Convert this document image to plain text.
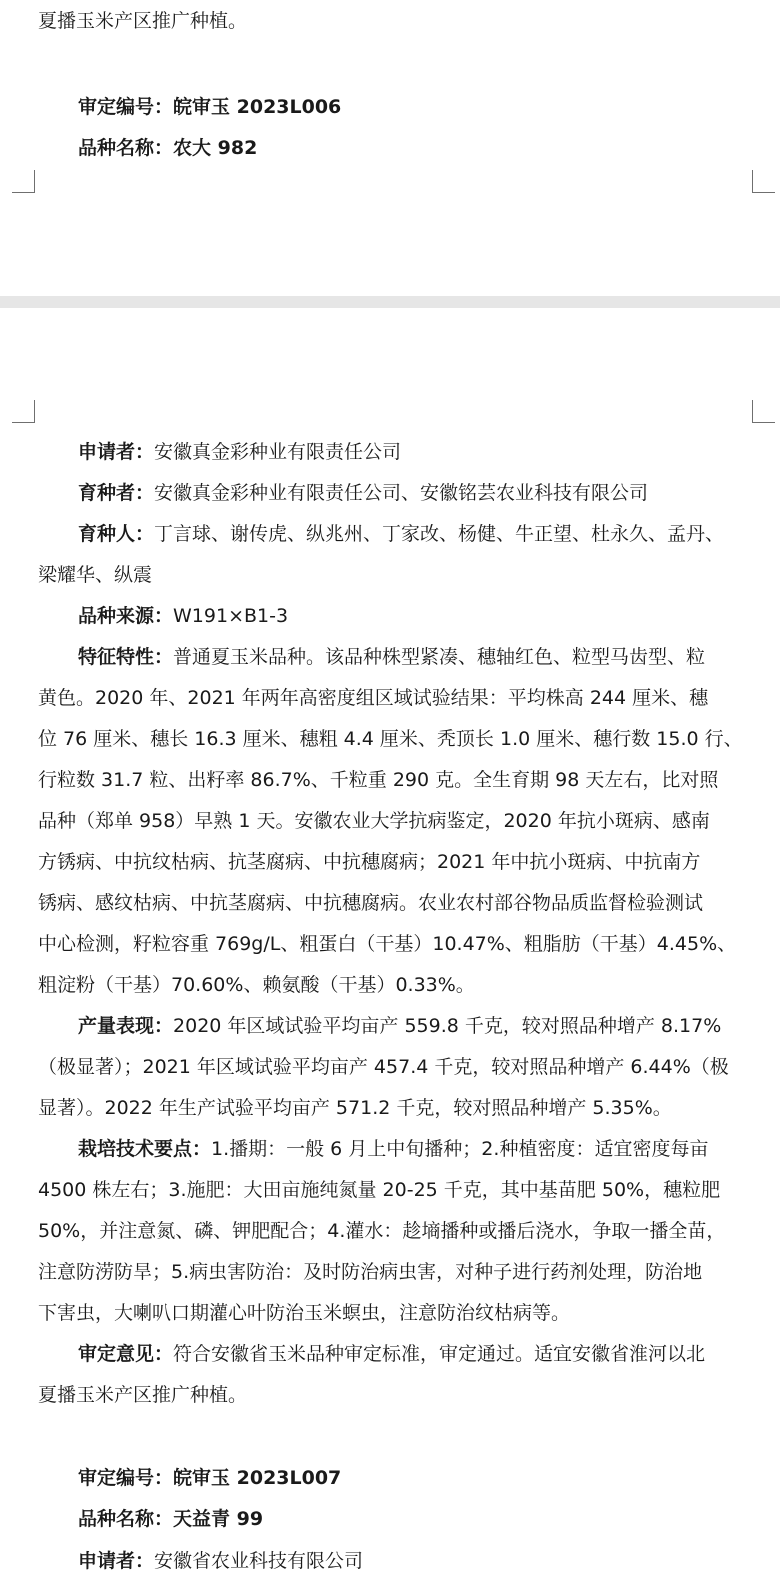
夏播玉米产区推广种植。
审定编号：皖审玉 2023L006
品种名称：农大 982
申请者：安徽真金彩种业有限责任公司
育种者：安徽真金彩种业有限责任公司、安徽铭芸农业科技有限公司
育种人：丁言球、谢传虎、纵兆州、丁家改、杨健、牛正望、杜永久、孟丹、
梁耀华、纵震
品种来源：W191×B1-3
特征特性：普通夏玉米品种。该品种株型紧凑、穗轴红色、粒型马齿型、粒
黄色。2020 年、2021 年两年高密度组区域试验结果：平均株高 244 厘米、穗
位 76 厘米、穗长 16.3 厘米、穗粗 4.4 厘米、秃顶长 1.0 厘米、穗行数 15.0 行、
行粒数 31.7 粒、出籽率 86.7%、千粒重 290 克。全生育期 98 天左右，比对照
品种（郑单 958）早熟 1 天。安徽农业大学抗病鉴定，2020 年抗小斑病、感南
方锈病、中抗纹枯病、抗茎腐病、中抗穗腐病；2021 年中抗小斑病、中抗南方
锈病、感纹枯病、中抗茎腐病、中抗穗腐病。农业农村部谷物品质监督检验测试
中心检测，籽粒容重 769g/L、粗蛋白（干基）10.47%、粗脂肪（干基）4.45%、
粗淀粉（干基）70.60%、赖氨酸（干基）0.33%。
产量表现：2020 年区域试验平均亩产 559.8 千克，较对照品种增产 8.17%
（极显著）；2021 年区域试验平均亩产 457.4 千克，较对照品种增产 6.44%（极
显著）。2022 年生产试验平均亩产 571.2 千克，较对照品种增产 5.35%。
栽培技术要点：1.播期：一般 6 月上中旬播种；2.种植密度：适宜密度每亩
4500 株左右；3.施肥：大田亩施纯氮量 20-25 千克，其中基苗肥 50%，穗粒肥
50%，并注意氮、磷、钾肥配合；4.灌水：趁墒播种或播后浇水，争取一播全苗，
注意防涝防旱；5.病虫害防治：及时防治病虫害，对种子进行药剂处理，防治地
下害虫，大喇叭口期灌心叶防治玉米螟虫，注意防治纹枯病等。
审定意见：符合安徽省玉米品种审定标准，审定通过。适宜安徽省淮河以北
夏播玉米产区推广种植。
审定编号：皖审玉 2023L007
品种名称：天益青 99
申请者：安徽省农业科技有限公司
